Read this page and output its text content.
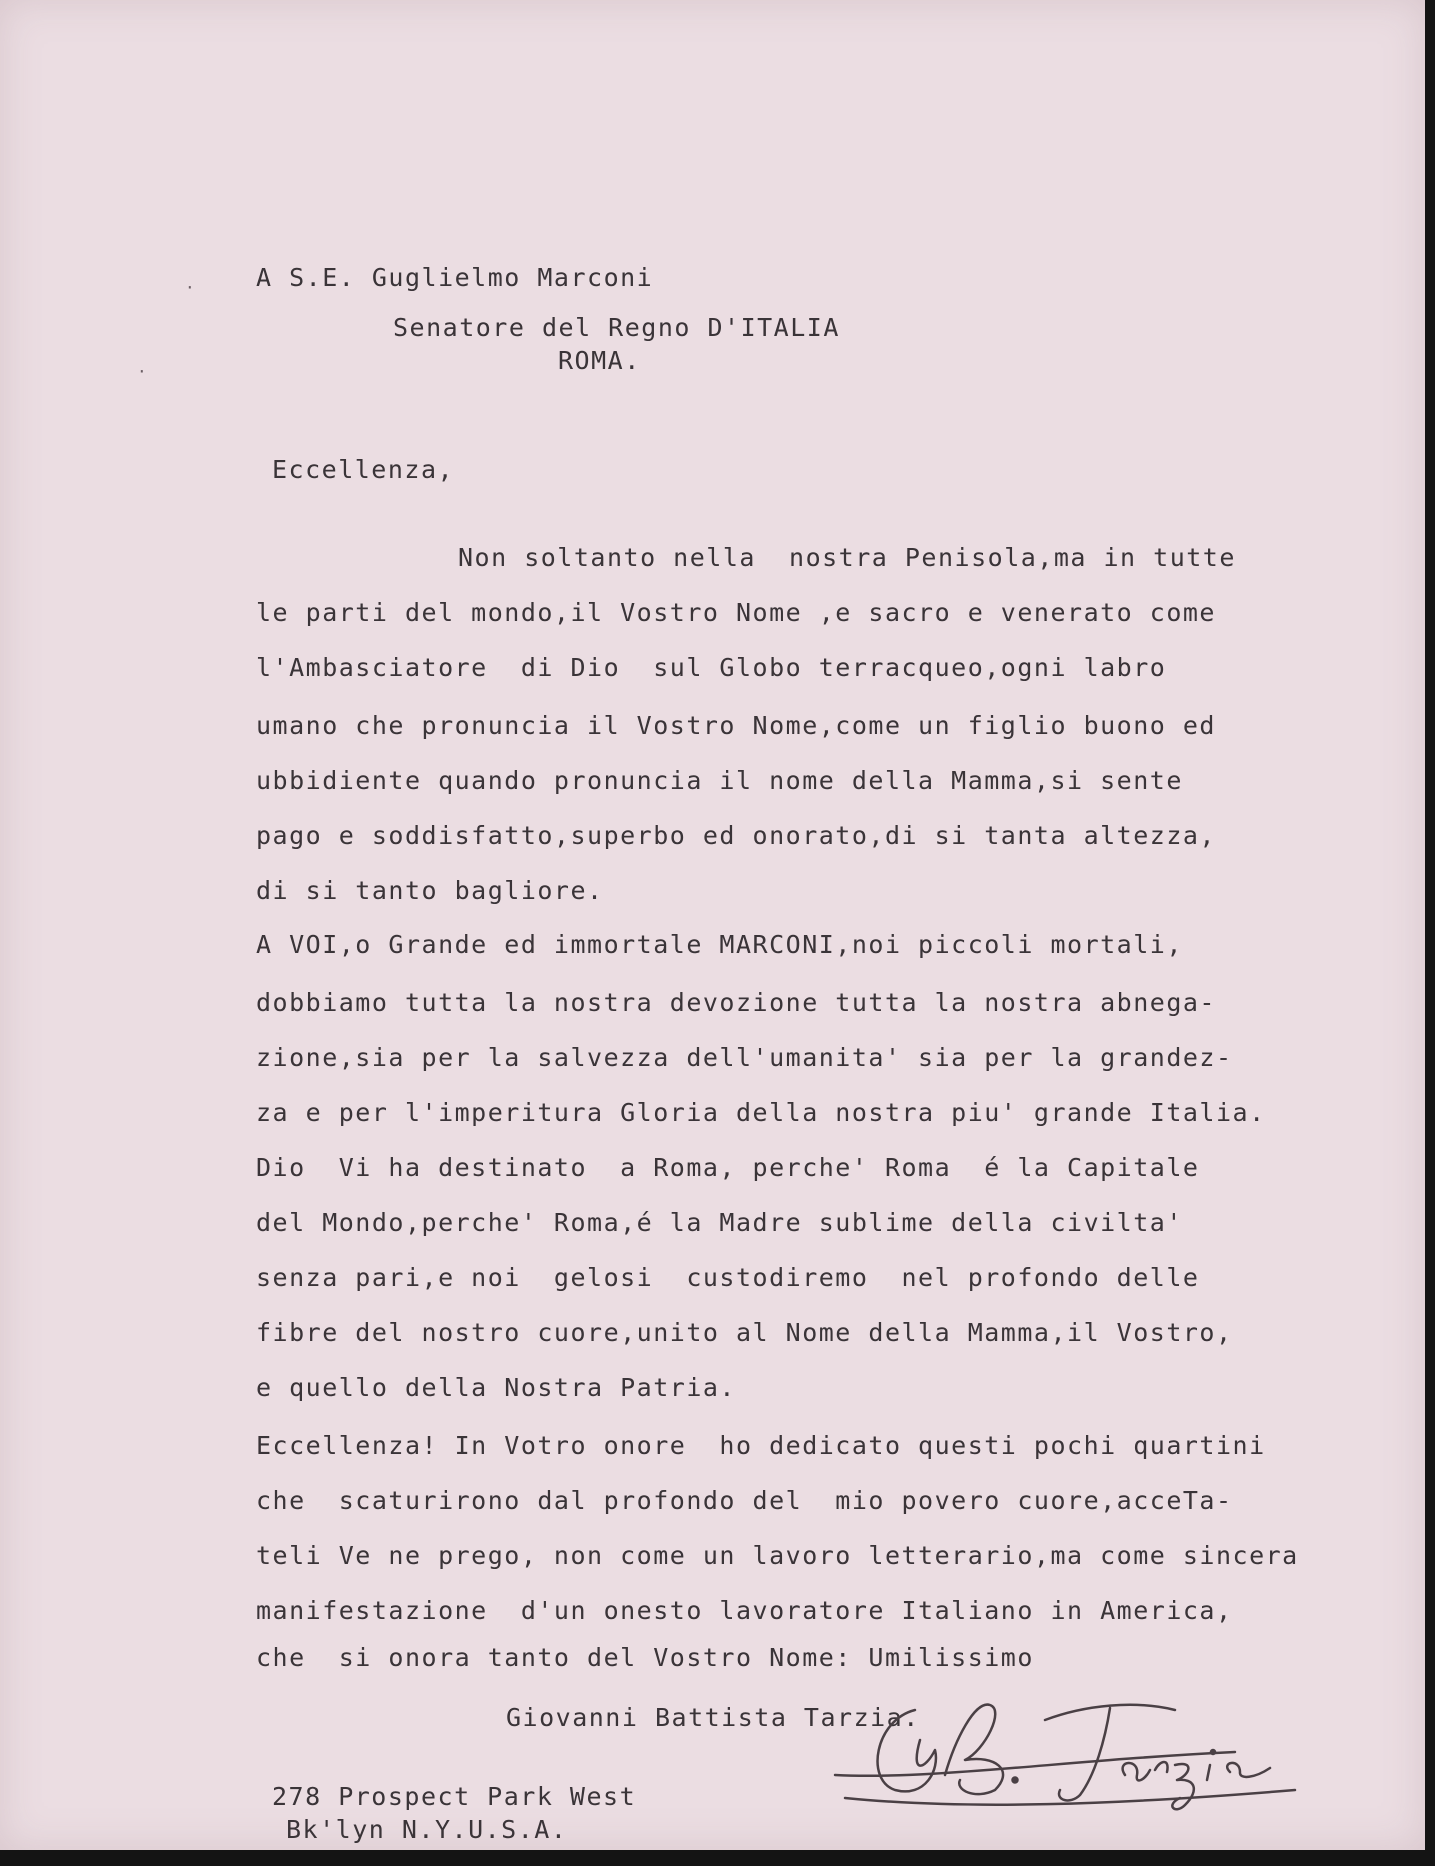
A S.E. Guglielmo Marconi
Senatore del Regno D'ITALIA
ROMA.
·
·
Eccellenza,
Non soltanto nella  nostra Penisola,ma in tutte
le parti del mondo,il Vostro Nome ,e sacro e venerato come
l'Ambasciatore  di Dio  sul Globo terracqueo,ogni labro
umano che pronuncia il Vostro Nome,come un figlio buono ed
ubbidiente quando pronuncia il nome della Mamma,si sente
pago e soddisfatto,superbo ed onorato,di si tanta altezza,
di si tanto bagliore.
A VOI,o Grande ed immortale MARCONI,noi piccoli mortali,
dobbiamo tutta la nostra devozione tutta la nostra abnega-
zione,sia per la salvezza dell'umanita' sia per la grandez-
za e per l'imperitura Gloria della nostra piu' grande Italia.
Dio  Vi ha destinato  a Roma, perche' Roma  é la Capitale
del Mondo,perche' Roma,é la Madre sublime della civilta'
senza pari,e noi  gelosi  custodiremo  nel profondo delle
fibre del nostro cuore,unito al Nome della Mamma,il Vostro,
e quello della Nostra Patria.
Eccellenza! In Votro onore  ho dedicato questi pochi quartini
che  scaturirono dal profondo del  mio povero cuore,acceTa-
teli Ve ne prego, non come un lavoro letterario,ma come sincera
manifestazione  d'un onesto lavoratore Italiano in America,
che  si onora tanto del Vostro Nome: Umilissimo
Giovanni Battista Tarzia.
278 Prospect Park West
Bk'lyn N.Y.U.S.A.
